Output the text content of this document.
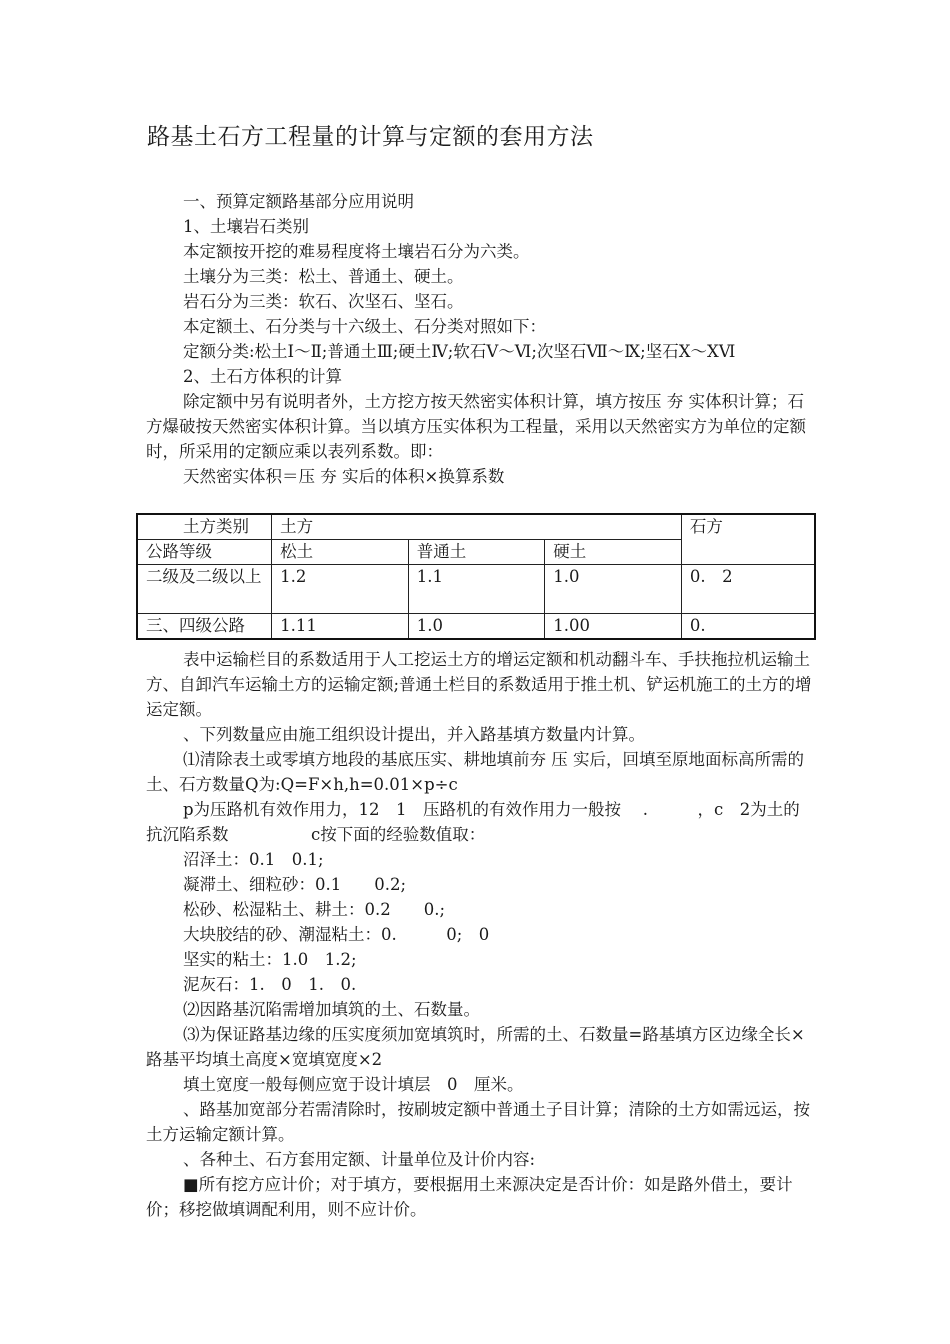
路基土石方工程量的计算与定额的套用方法

一、预算定额路基部分应用说明

1、土壤岩石类别

本定额按开挖的难易程度将土壤岩石分为六类。

土壤分为三类：松土、普通土、硬土。

岩石分为三类：软石、次坚石、坚石。

本定额土、石分类与十六级土、石分类对照如下：

定额分类:松土Ⅰ～Ⅱ;普通土Ⅲ;硬土Ⅳ;软石Ⅴ～Ⅵ;次坚石Ⅶ～Ⅸ;坚石Ⅹ～ⅩⅥ

2、土石方体积的计算

除定额中另有说明者外，土方挖方按天然密实体积计算，填方按压 夯 实体积计算；石方爆破按天然密实体积计算。当以填方压实体积为工程量，采用以天然密实方为单位的定额时，所采用的定额应乘以表列系数。即：

天然密实体积＝压 夯 实后的体积×换算系数

土方类别	土方			石方
公路等级	松土	普通土	硬土	
二级及二级以上	1.2	1.1	1.0	0.　2
三、四级公路	1.11	1.0	1.00	0.

表中运输栏目的系数适用于人工挖运土方的增运定额和机动翻斗车、手扶拖拉机运输土方、自卸汽车运输土方的运输定额;普通土栏目的系数适用于推土机、铲运机施工的土方的增运定额。

、下列数量应由施工组织设计提出，并入路基填方数量内计算。

⑴清除表土或零填方地段的基底压实、耕地填前夯 压 实后，回填至原地面标高所需的土、石方数量Q为:Q=F×h,h=0.01×p÷c

p为压路机有效作用力，12　1　压路机的有效作用力一般按　 .　　　，c　2为土的抗沉陷系数　　　　　c按下面的经验数值取：

沼泽土：0.1　0.1;

凝滞土、细粒砂：0.1　　0.2;

松砂、松湿粘土、耕土：0.2　　0.;

大块胶结的砂、潮湿粘土：0.　　　0;　0

坚实的粘土：1.0　1.2;

泥灰石：1.　0　1.　0.

⑵因路基沉陷需增加填筑的土、石数量。

⑶为保证路基边缘的压实度须加宽填筑时，所需的土、石数量=路基填方区边缘全长×路基平均填土高度×宽填宽度×2

填土宽度一般每侧应宽于设计填层　0　厘米。

、路基加宽部分若需清除时，按刷坡定额中普通土子目计算；清除的土方如需远运，按土方运输定额计算。

、各种土、石方套用定额、计量单位及计价内容:

■所有挖方应计价；对于填方，要根据用土来源决定是否计价：如是路外借土，要计价；移挖做填调配利用，则不应计价。
